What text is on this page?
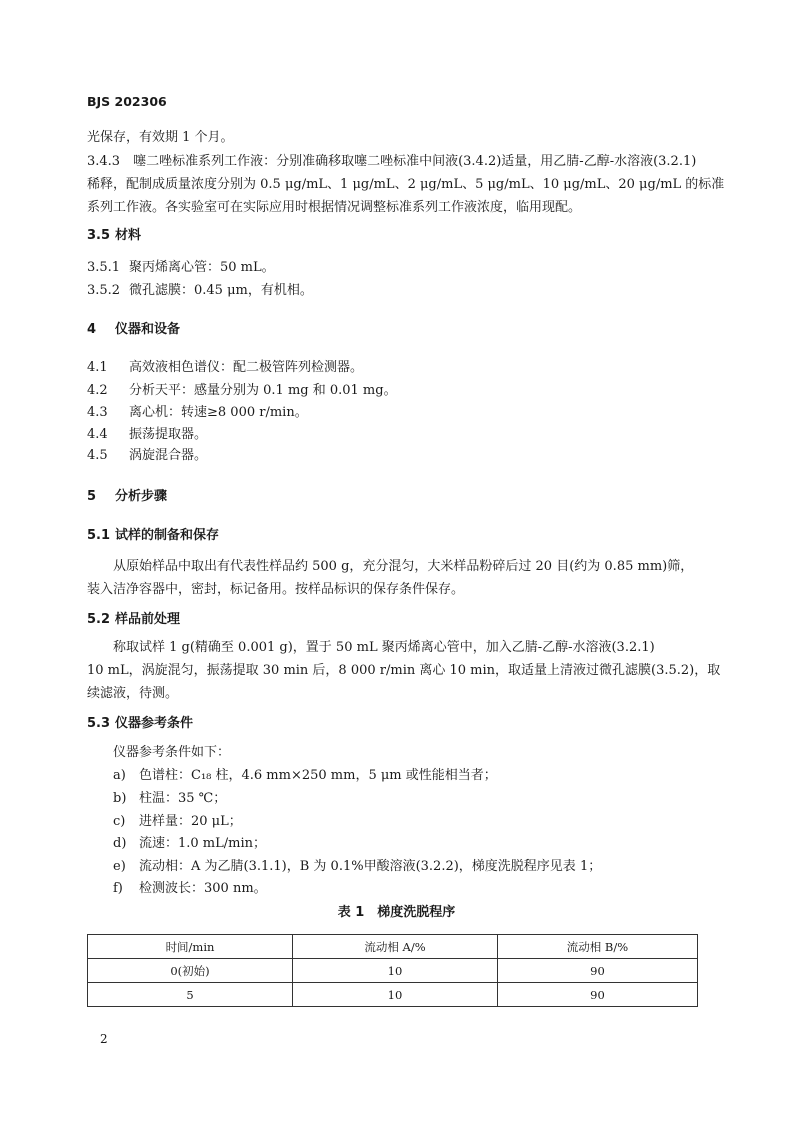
BJS 202306
光保存，有效期 1 个月。
3.4.3　噻二唑标准系列工作液：分别准确移取噻二唑标准中间液(3.4.2)适量，用乙腈-乙醇-水溶液(3.2.1)
稀释，配制成质量浓度分别为 0.5 μg/mL、1 μg/mL、2 μg/mL、5 μg/mL、10 μg/mL、20 μg/mL 的标准
系列工作液。各实验室可在实际应用时根据情况调整标准系列工作液浓度，临用现配。
3.5 材料
3.5.1 聚丙烯离心管：50 mL。
3.5.2 微孔滤膜：0.45 μm，有机相。
4 仪器和设备
4.1 高效液相色谱仪：配二极管阵列检测器。
4.2 分析天平：感量分别为 0.1 mg 和 0.01 mg。
4.3 离心机：转速≥8 000 r/min。
4.4 振荡提取器。
4.5 涡旋混合器。
5 分析步骤
5.1 试样的制备和保存
从原始样品中取出有代表性样品约 500 g，充分混匀，大米样品粉碎后过 20 目(约为 0.85 mm)筛，
装入洁净容器中，密封，标记备用。按样品标识的保存条件保存。
5.2 样品前处理
称取试样 1 g(精确至 0.001 g)，置于 50 mL 聚丙烯离心管中，加入乙腈-乙醇-水溶液(3.2.1)
10 mL，涡旋混匀，振荡提取 30 min 后，8 000 r/min 离心 10 min，取适量上清液过微孔滤膜(3.5.2)，取
续滤液，待测。
5.3 仪器参考条件
仪器参考条件如下：
a) 色谱柱：C₁₈ 柱，4.6 mm×250 mm，5 μm 或性能相当者；
b) 柱温：35 ℃；
c) 进样量：20 μL；
d) 流速：1.0 mL/min；
e) 流动相：A 为乙腈(3.1.1)，B 为 0.1%甲酸溶液(3.2.2)，梯度洗脱程序见表 1；
f) 检测波长：300 nm。
表 1　梯度洗脱程序
时间/min	流动相 A/%	流动相 B/%
0(初始)	10	90
5	10	90
2
